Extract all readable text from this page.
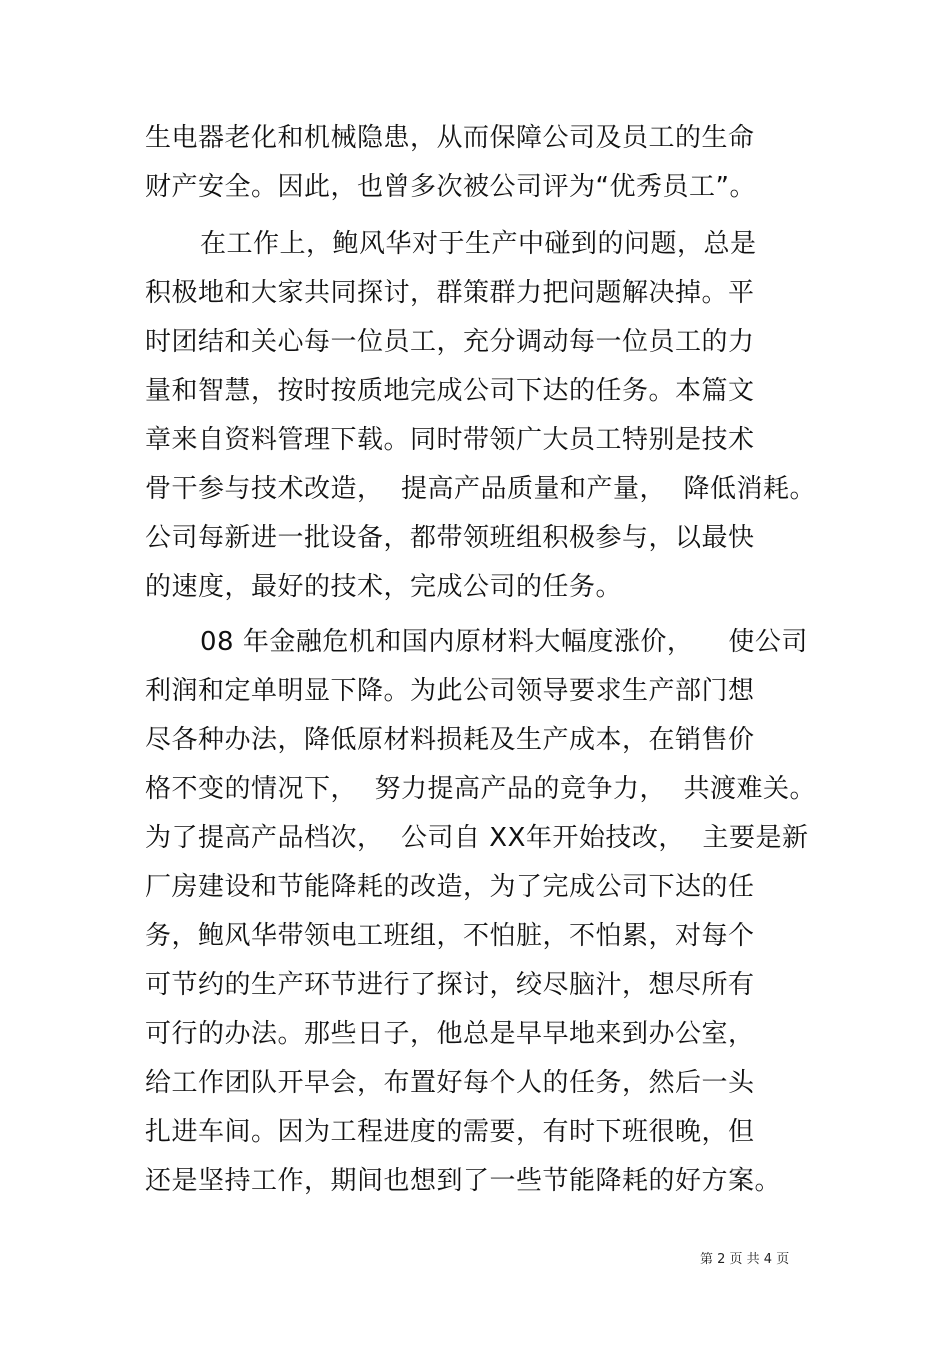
生电器老化和机械隐患，从而保障公司及员工的生命
财产安全。因此，也曾多次被公司评为“优秀员工”。
在工作上，鲍风华对于生产中碰到的问题，总是
积极地和大家共同探讨，群策群力把问题解决掉。平
时团结和关心每一位员工，充分调动每一位员工的力
量和智慧，按时按质地完成公司下达的任务。本篇文
章来自资料管理下载。同时带领广大员工特别是技术
骨干参与技术改造，  提高产品质量和产量，  降低消耗。
公司每新进一批设备，都带领班组积极参与，以最快
的速度，最好的技术，完成公司的任务。
08 年金融危机和国内原材料大幅度涨价，    使公司
利润和定单明显下降。为此公司领导要求生产部门想
尽各种办法，降低原材料损耗及生产成本，在销售价
格不变的情况下，  努力提高产品的竞争力，  共渡难关。
为了提高产品档次，  公司自 XX年开始技改，  主要是新
厂房建设和节能降耗的改造，为了完成公司下达的任
务，鲍风华带领电工班组，不怕脏，不怕累，对每个
可节约的生产环节进行了探讨，绞尽脑汁，想尽所有
可行的办法。那些日子，他总是早早地来到办公室，
给工作团队开早会，布置好每个人的任务，然后一头
扎进车间。因为工程进度的需要，有时下班很晚，但
还是坚持工作，期间也想到了一些节能降耗的好方案。
第 2 页 共 4 页
